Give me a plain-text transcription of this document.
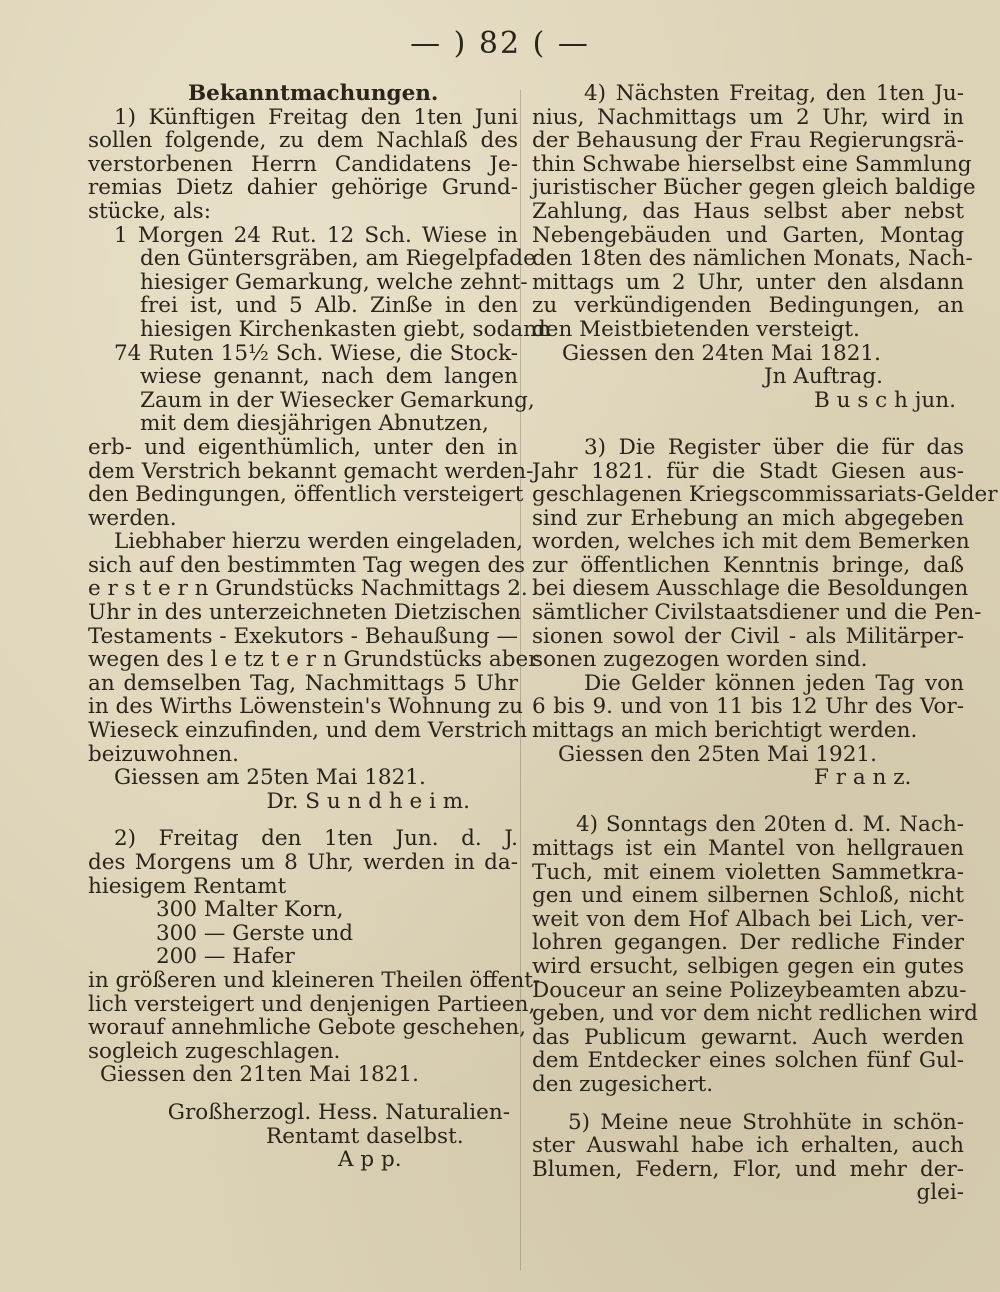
— ) 82 ( —
Bekanntmachungen.
1) Künftigen Freitag den 1ten Juni
sollen folgende, zu dem Nachlaß des
verstorbenen Herrn Candidatens Je-
remias Dietz dahier gehörige Grund-
stücke, als:
1 Morgen 24 Rut. 12 Sch. Wiese in
den Güntersgräben, am Riegelpfade
hiesiger Gemarkung, welche zehnt-
frei ist, und 5 Alb. Zinße in den
hiesigen Kirchenkasten giebt, sodann
74 Ruten 15½ Sch. Wiese, die Stock-
wiese genannt, nach dem langen
Zaum in der Wiesecker Gemarkung,
mit dem diesjährigen Abnutzen,
erb- und eigenthümlich, unter den in
dem Verstrich bekannt gemacht werden-
den Bedingungen, öffentlich versteigert
werden.
Liebhaber hierzu werden eingeladen,
sich auf den bestimmten Tag wegen des
e r s t e r n Grundstücks Nachmittags 2.
Uhr in des unterzeichneten Dietzischen
Testaments - Exekutors - Behaußung —
wegen des l e tz t e r n Grundstücks aber
an demselben Tag, Nachmittags 5 Uhr
in des Wirths Löwenstein's Wohnung zu
Wieseck einzufinden, und dem Verstrich
beizuwohnen.
Giessen am 25ten Mai 1821.
Dr. S u n d h e i m.
2) Freitag den 1ten Jun. d. J.
des Morgens um 8 Uhr, werden in da-
hiesigem Rentamt
300 Malter Korn,
300 — Gerste und
200 — Hafer
in größeren und kleineren Theilen öffent-
lich versteigert und denjenigen Partieen,
worauf annehmliche Gebote geschehen,
sogleich zugeschlagen.
Giessen den 21ten Mai 1821.
Großherzogl. Hess. Naturalien-
Rentamt daselbst.
A p p.
4) Nächsten Freitag, den 1ten Ju-
nius, Nachmittags um 2 Uhr, wird in
der Behausung der Frau Regierungsrä-
thin Schwabe hierselbst eine Sammlung
juristischer Bücher gegen gleich baldige
Zahlung, das Haus selbst aber nebst
Nebengebäuden und Garten, Montag
den 18ten des nämlichen Monats, Nach-
mittags um 2 Uhr, unter den alsdann
zu verkündigenden Bedingungen, an
den Meistbietenden versteigt.
Giessen den 24ten Mai 1821.
Jn Auftrag.
B u s c h jun.
3) Die Register über die für das
Jahr 1821. für die Stadt Giesen aus-
geschlagenen Kriegscommissariats-Gelder
sind zur Erhebung an mich abgegeben
worden, welches ich mit dem Bemerken
zur öffentlichen Kenntnis bringe, daß
bei diesem Ausschlage die Besoldungen
sämtlicher Civilstaatsdiener und die Pen-
sionen sowol der Civil - als Militärper-
sonen zugezogen worden sind.
Die Gelder können jeden Tag von
6 bis 9. und von 11 bis 12 Uhr des Vor-
mittags an mich berichtigt werden.
Giessen den 25ten Mai 1921.
F r a n z.
4) Sonntags den 20ten d. M. Nach-
mittags ist ein Mantel von hellgrauen
Tuch, mit einem violetten Sammetkra-
gen und einem silbernen Schloß, nicht
weit von dem Hof Albach bei Lich, ver-
lohren gegangen. Der redliche Finder
wird ersucht, selbigen gegen ein gutes
Douceur an seine Polizeybeamten abzu-
geben, und vor dem nicht redlichen wird
das Publicum gewarnt. Auch werden
dem Entdecker eines solchen fünf Gul-
den zugesichert.
5) Meine neue Strohhüte in schön-
ster Auswahl habe ich erhalten, auch
Blumen, Federn, Flor, und mehr der-
glei-
